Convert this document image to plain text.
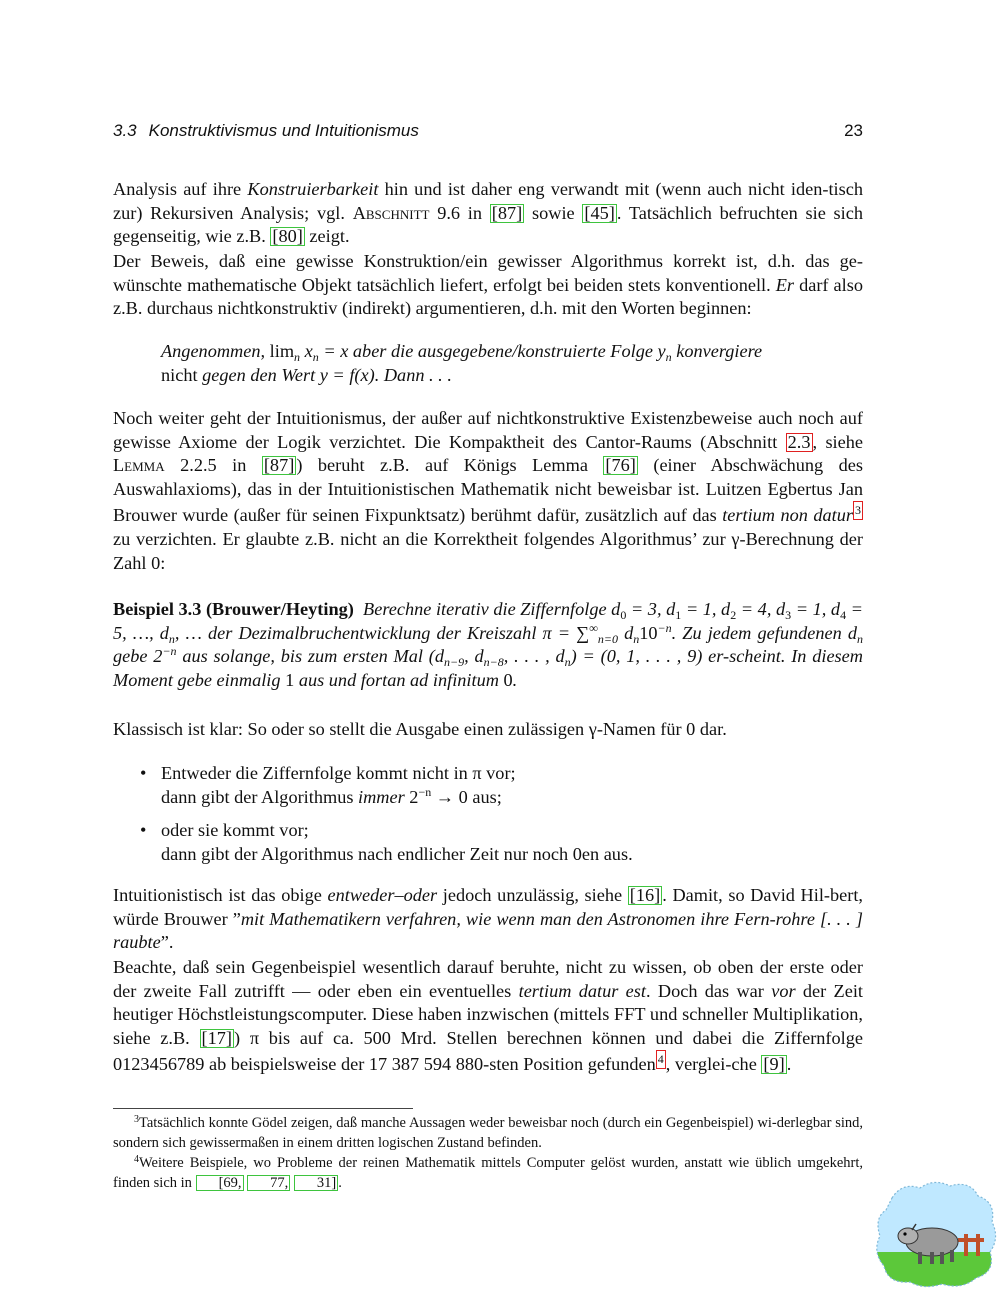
3.3 Konstruktivismus und Intuitionismus	23

Analysis auf ihre Konstruierbarkeit hin und ist daher eng verwandt mit (wenn auch nicht iden-tisch zur) Rekursiven Analysis; vgl. Abschnitt 9.6 in [87] sowie [45] . Tatsächlich befruchten sie sich gegenseitig, wie z.B. [80] zeigt.

Der Beweis, daß eine gewisse Konstruktion/ein gewisser Algorithmus korrekt ist, d.h. das ge-wünschte mathematische Objekt tatsächlich liefert, erfolgt bei beiden stets konventionell. Er darf also z.B. durchaus nichtkonstruktiv (indirekt) argumentieren, d.h. mit den Worten beginnen:

Angenommen, $\lim_n x_n = x$ aber die ausgegebene/konstruierte Folge $y_n$ konvergiere
nicht gegen den Wert y = f(x). Dann . . .

Noch weiter geht der Intuitionismus, der außer auf nichtkonstruktive Existenzbeweise auch noch auf gewisse Axiome der Logik verzichtet. Die Kompaktheit des Cantor-Raums (Abschnitt 2.3 , siehe Lemma 2.2.5 in [87] ) beruht z.B. auf Königs Lemma [76] (einer Abschwächung des Auswahlaxioms), das in der Intuitionistischen Mathematik nicht beweisbar ist. Luitzen Egbertus Jan Brouwer wurde (außer für seinen Fixpunktsatz) berühmt dafür, zusätzlich auf das tertium non datur $^3$ zu verzichten. Er glaubte z.B. nicht an die Korrektheit folgendes Algorithmus’ zur γ-Berechnung der Zahl 0:

Beispiel 3.3 (Brouwer/Heyting) Berechne iterativ die Ziffernfolge $d_0 = 3$, $d_1 = 1$, $d_2 = 4$, $d_3 = 1$, $d_4 = 5$, …, $d_n$, … der Dezimalbruchentwicklung der Kreiszahl $\pi = \sum^\infty_{n=0}$ $d_n10^{-n}$. Zu jedem gefundenen $d_n$ gebe $2^{-n}$ aus solange, bis zum ersten Mal ($d_{n-9}$, $d_{n-8}$, . . . , $d_n) = (0$, 1, . . . , 9) er-scheint. In diesem Moment gebe einmalig 1 aus und fortan ad infinitum 0.

Klassisch ist klar: So oder so stellt die Ausgabe einen zulässigen γ-Namen für 0 dar.

• Entweder die Ziffernfolge kommt nicht in π vor;
dann gibt der Algorithmus immer $2^{-n} \to 0$ aus;
• oder sie kommt vor;
dann gibt der Algorithmus nach endlicher Zeit nur noch 0en aus.

Intuitionistisch ist das obige entweder–oder jedoch unzulässig, siehe [16] . Damit, so David Hil-bert, würde Brouwer ”mit Mathematikern verfahren, wie wenn man den Astronomen ihre Fern-rohre [. . . ] raubte”.

Beachte, daß sein Gegenbeispiel wesentlich darauf beruhte, nicht zu wissen, ob oben der erste oder der zweite Fall zutrifft — oder eben ein eventuelles tertium datur est. Doch das war vor der Zeit heutiger Höchstleistungscomputer. Diese haben inzwischen (mittels FFT und schneller Multiplikation, siehe z.B. [17] ) π bis auf ca. 500 Mrd. Stellen berechnen können und dabei die Ziffernfolge 0123456789 ab beispielsweise der 17 387 594 880-sten Position gefunden $^4$ , verglei-che [9] .

$^3$Tatsächlich konnte Gödel zeigen, daß manche Aussagen weder beweisbar noch (durch ein Gegenbeispiel) wi-derlegbar sind, sondern sich gewissermaßen in einem dritten logischen Zustand befinden.

$^4$Weitere Beispiele, wo Probleme der reinen Mathematik mittels Computer gelöst wurden, anstatt wie üblich umgekehrt, finden sich in [69, 77, 31] .
